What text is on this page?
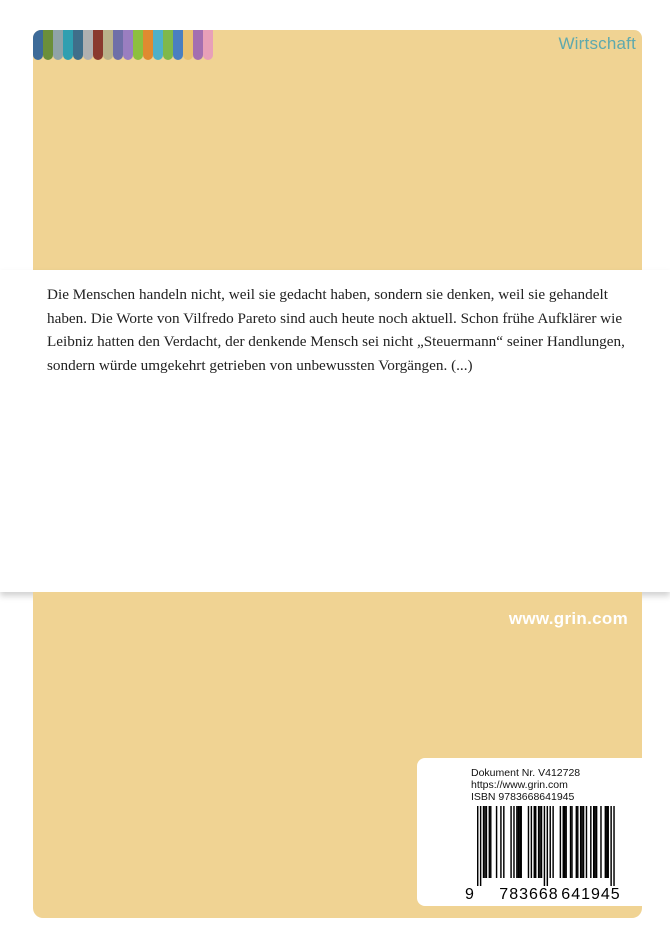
Wirtschaft

Die Menschen handeln nicht, weil sie gedacht haben, sondern sie denken, weil sie gehandelt haben. Die Worte von Vilfredo Pareto sind auch heute noch aktuell. Schon frühe Aufklärer wie Leibniz hatten den Verdacht, der denkende Mensch sei nicht „Steuermann“ seiner Handlungen, sondern würde umgekehrt getrieben von unbewussten Vorgängen. (...)

www.grin.com
Dokument Nr. V412728
https://www.grin.com
ISBN 9783668641945
9 783668 641945
